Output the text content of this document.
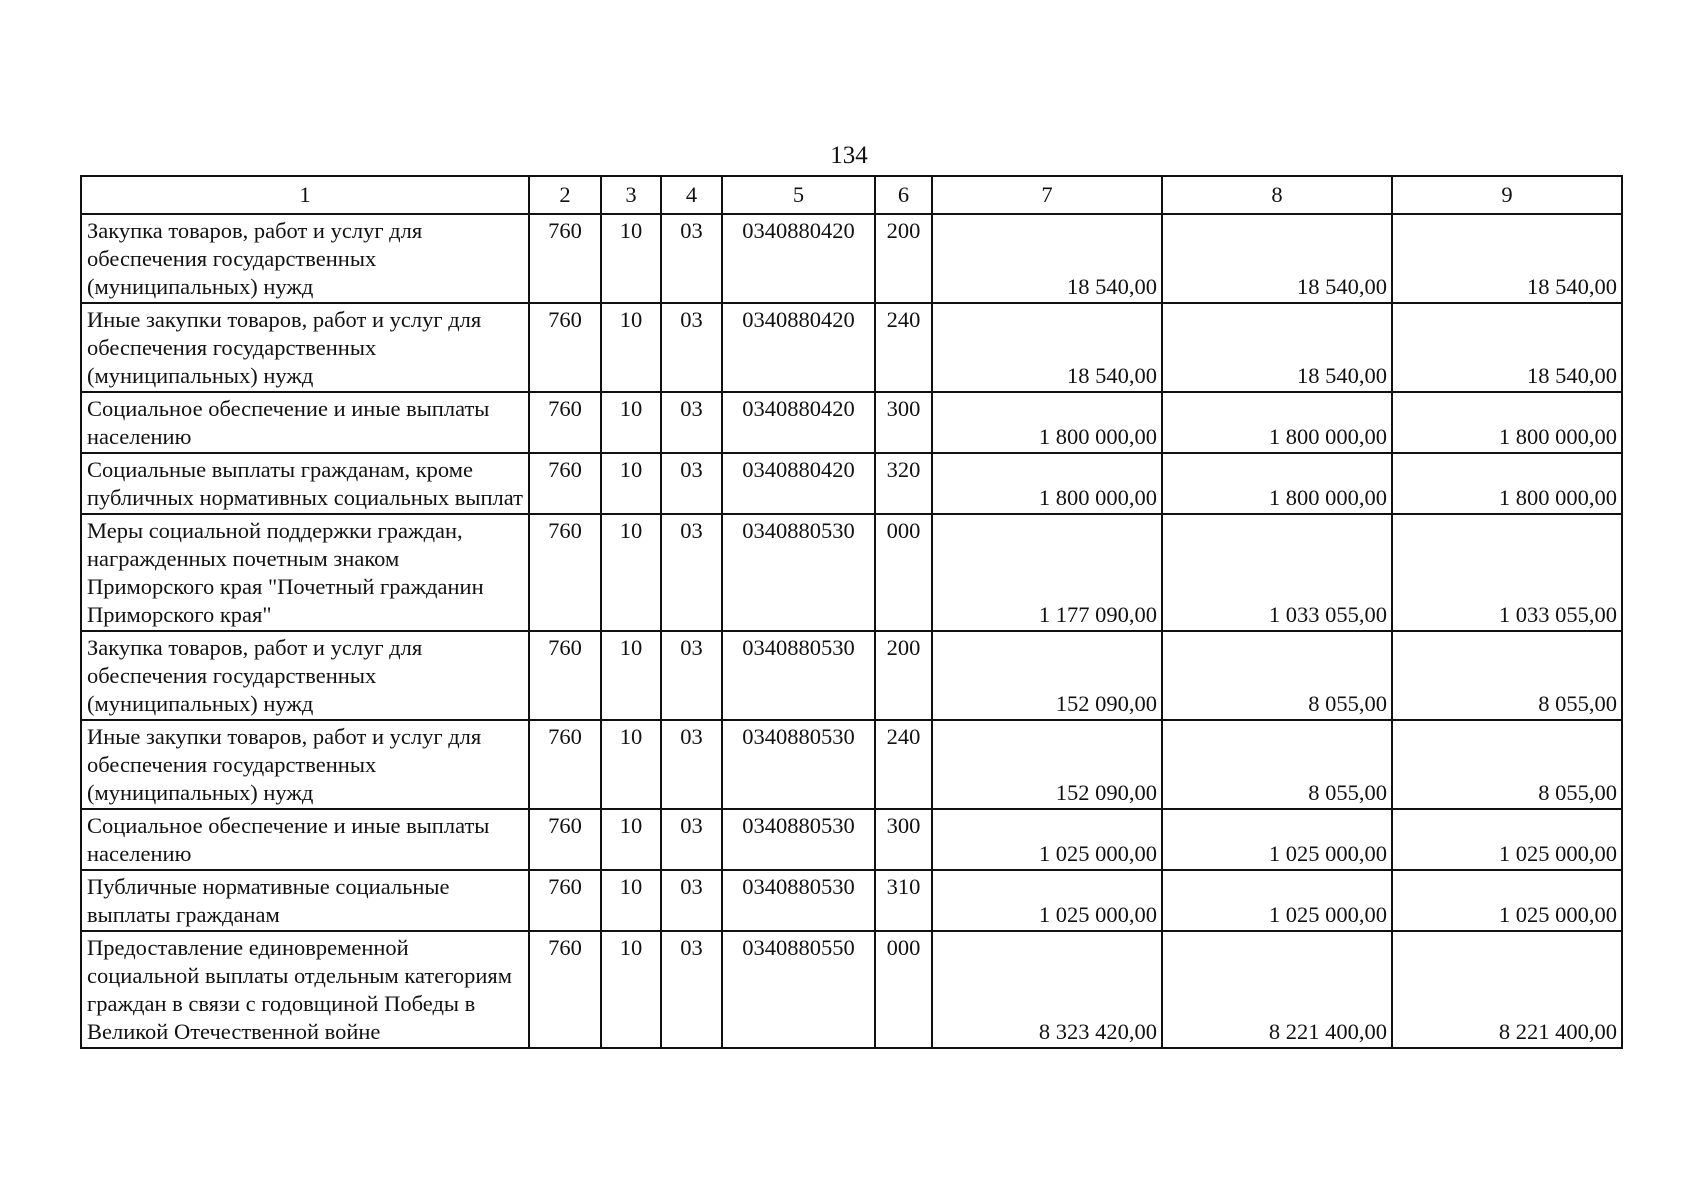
134
1	2	3	4	5	6	7	8	9
Закупка товаров, работ и услуг для обеспечения государственных (муниципальных) нужд	760	10	03	0340880420	200	18 540,00	18 540,00	18 540,00
Иные закупки товаров, работ и услуг для обеспечения государственных (муниципальных) нужд	760	10	03	0340880420	240	18 540,00	18 540,00	18 540,00
Социальное обеспечение и иные выплаты населению	760	10	03	0340880420	300	1 800 000,00	1 800 000,00	1 800 000,00
Социальные выплаты гражданам, кроме публичных нормативных социальных выплат	760	10	03	0340880420	320	1 800 000,00	1 800 000,00	1 800 000,00
Меры социальной поддержки граждан, награжденных почетным знаком Приморского края "Почетный гражданин Приморского края"	760	10	03	0340880530	000	1 177 090,00	1 033 055,00	1 033 055,00
Закупка товаров, работ и услуг для обеспечения государственных (муниципальных) нужд	760	10	03	0340880530	200	152 090,00	8 055,00	8 055,00
Иные закупки товаров, работ и услуг для обеспечения государственных (муниципальных) нужд	760	10	03	0340880530	240	152 090,00	8 055,00	8 055,00
Социальное обеспечение и иные выплаты населению	760	10	03	0340880530	300	1 025 000,00	1 025 000,00	1 025 000,00
Публичные нормативные социальные выплаты гражданам	760	10	03	0340880530	310	1 025 000,00	1 025 000,00	1 025 000,00
Предоставление единовременной социальной выплаты отдельным категориям граждан в связи с годовщиной Победы в Великой Отечественной войне	760	10	03	0340880550	000	8 323 420,00	8 221 400,00	8 221 400,00
